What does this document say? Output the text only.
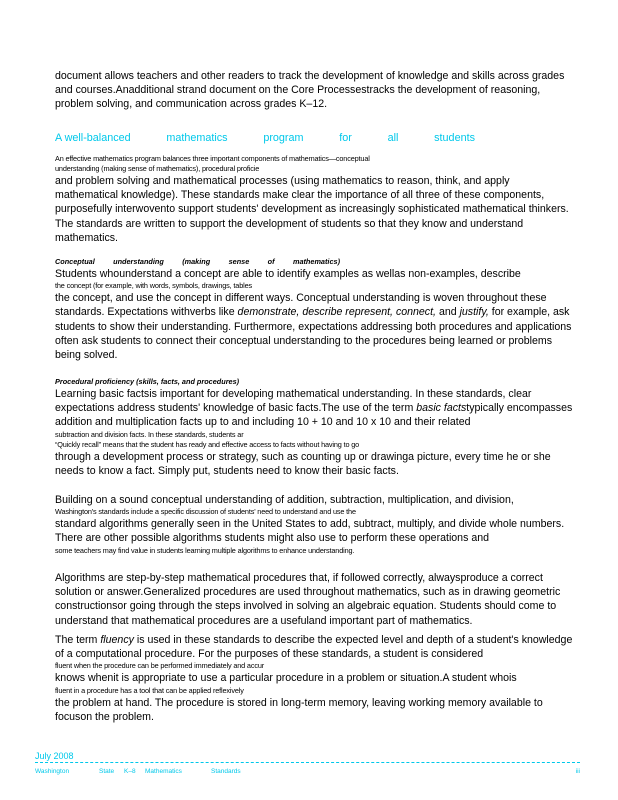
document allows teachers and other readers to track the development of knowledge and skills across grades and courses.Anadditional strand document on the Core Processestracks the development of reasoning, problem solving, and communication across grades K–12.

A well-balanced	mathematics	program	for	all	students

An effective mathematics program balances three important components of mathematics—conceptual

understanding (making sense of mathematics), procedural proficie

and problem solving and mathematical processes (using mathematics to reason, think, and apply mathematical knowledge). These standards make clear the importance of all three of these components, purposefully interwovento support students' development as increasingly sophisticated mathematical thinkers. The standards are written to support the development of students so that they know and understand mathematics.

Conceptual	understanding	(making	sense	of	mathematics)

Students whounderstand a concept are able to identify examples as wellas non-examples, describe

the concept (for example, with words, symbols, drawings, tables

the concept, and use the concept in different ways. Conceptual understanding is woven throughout these standards. Expectations withverbs like demonstrate, describe represent, connect, and justify, for example, ask students to show their understanding. Furthermore, expectations addressing both procedures and applications often ask students to connect their conceptual understanding to the procedures being learned or problems being solved.

Procedural proficiency (skills, facts, and procedures)

Learning basic factsis important for developing mathematical understanding. In these standards, clear expectations address students' knowledge of basic facts.The use of the term basic factstypically encompasses addition and multiplication facts up to and including 10 + 10 and 10 x 10 and their related

subtraction and division facts. In these standards, students ar

“Quickly recall” means that the student has ready and effective access to facts without having to go

through a development process or strategy, such as counting up or drawinga picture, every time he or she needs to know a fact. Simply put, students need to know their basic facts.

Building on a sound conceptual understanding of addition, subtraction, multiplication, and division,

Washington's standards include a specific discussion of students' need to understand and use the

standard algorithms generally seen in the United States to add, subtract, multiply, and divide whole numbers. There are other possible algorithms students might also use to perform these operations and

some teachers may find value in students learning multiple algorithms to enhance understanding.

Algorithms are step-by-step mathematical procedures that, if followed correctly, alwaysproduce a correct solution or answer.Generalized procedures are used throughout mathematics, such as in drawing geometric constructionsor going through the steps involved in solving an algebraic equation. Students should come to understand that mathematical procedures are a usefuland important part of mathematics.

The term fluency is used in these standards to describe the expected level and depth of a student's knowledge of a computational procedure. For the purposes of these standards, a student is considered

fluent when the procedure can be performed immediately and accur

knows whenit is appropriate to use a particular procedure in a problem or situation.A student whois

fluent in a procedure has a tool that can be applied reflexively

the problem at hand. The procedure is stored in long-term memory, leaving working memory available to focuson the problem.

July 2008
Washington	State K–8 Mathematics	Standards	iii
